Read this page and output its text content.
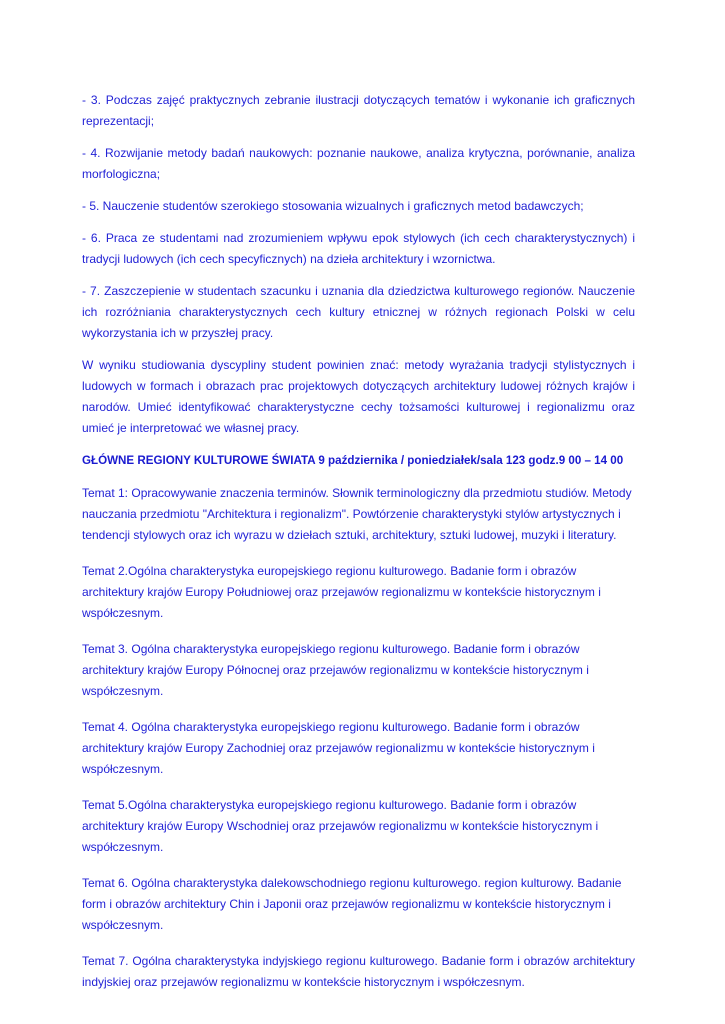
- 3. Podczas zajęć praktycznych zebranie ilustracji dotyczących tematów i wykonanie ich graficznych reprezentacji;

- 4. Rozwijanie metody badań naukowych: poznanie naukowe, analiza krytyczna, porównanie, analiza morfologiczna;

- 5. Nauczenie studentów szerokiego stosowania wizualnych i graficznych metod badawczych;

- 6. Praca ze studentami nad zrozumieniem wpływu epok stylowych (ich cech charakterystycznych) i tradycji ludowych (ich cech specyficznych) na dzieła architektury i wzornictwa.

- 7. Zaszczepienie w studentach szacunku i uznania dla dziedzictwa kulturowego regionów. Nauczenie ich rozróżniania charakterystycznych cech kultury etnicznej w różnych regionach Polski w celu wykorzystania ich w przyszłej pracy.

W wyniku studiowania dyscypliny student powinien znać: metody wyrażania tradycji stylistycznych i ludowych w formach i obrazach prac projektowych dotyczących architektury ludowej różnych krajów i narodów. Umieć identyfikować charakterystyczne cechy tożsamości kulturowej i regionalizmu oraz umieć je interpretować we własnej pracy.

GŁÓWNE REGIONY KULTUROWE ŚWIATA 9 października / poniedziałek/sala 123 godz.9 00 – 14 00

Temat 1: Opracowywanie znaczenia terminów. Słownik terminologiczny dla przedmiotu studiów. Metody nauczania przedmiotu "Architektura i regionalizm". Powtórzenie charakterystyki stylów artystycznych i tendencji stylowych oraz ich wyrazu w dziełach sztuki, architektury, sztuki ludowej, muzyki i literatury.

Temat 2.Ogólna charakterystyka europejskiego regionu kulturowego. Badanie form i obrazów architektury krajów Europy Południowej oraz przejawów regionalizmu w kontekście historycznym i współczesnym.

Temat 3. Ogólna charakterystyka europejskiego regionu kulturowego. Badanie form i obrazów architektury krajów Europy Północnej oraz przejawów regionalizmu w kontekście historycznym i współczesnym.

Temat 4. Ogólna charakterystyka europejskiego regionu kulturowego. Badanie form i obrazów architektury krajów Europy Zachodniej oraz przejawów regionalizmu w kontekście historycznym i współczesnym.

Temat 5.Ogólna charakterystyka europejskiego regionu kulturowego. Badanie form i obrazów architektury krajów Europy Wschodniej oraz przejawów regionalizmu w kontekście historycznym i współczesnym.

Temat 6. Ogólna charakterystyka dalekowschodniego regionu kulturowego. region kulturowy. Badanie form i obrazów architektury Chin i Japonii oraz przejawów regionalizmu w kontekście historycznym i współczesnym.

Temat 7. Ogólna charakterystyka indyjskiego regionu kulturowego. Badanie form i obrazów architektury indyjskiej oraz przejawów regionalizmu w kontekście historycznym i współczesnym.
